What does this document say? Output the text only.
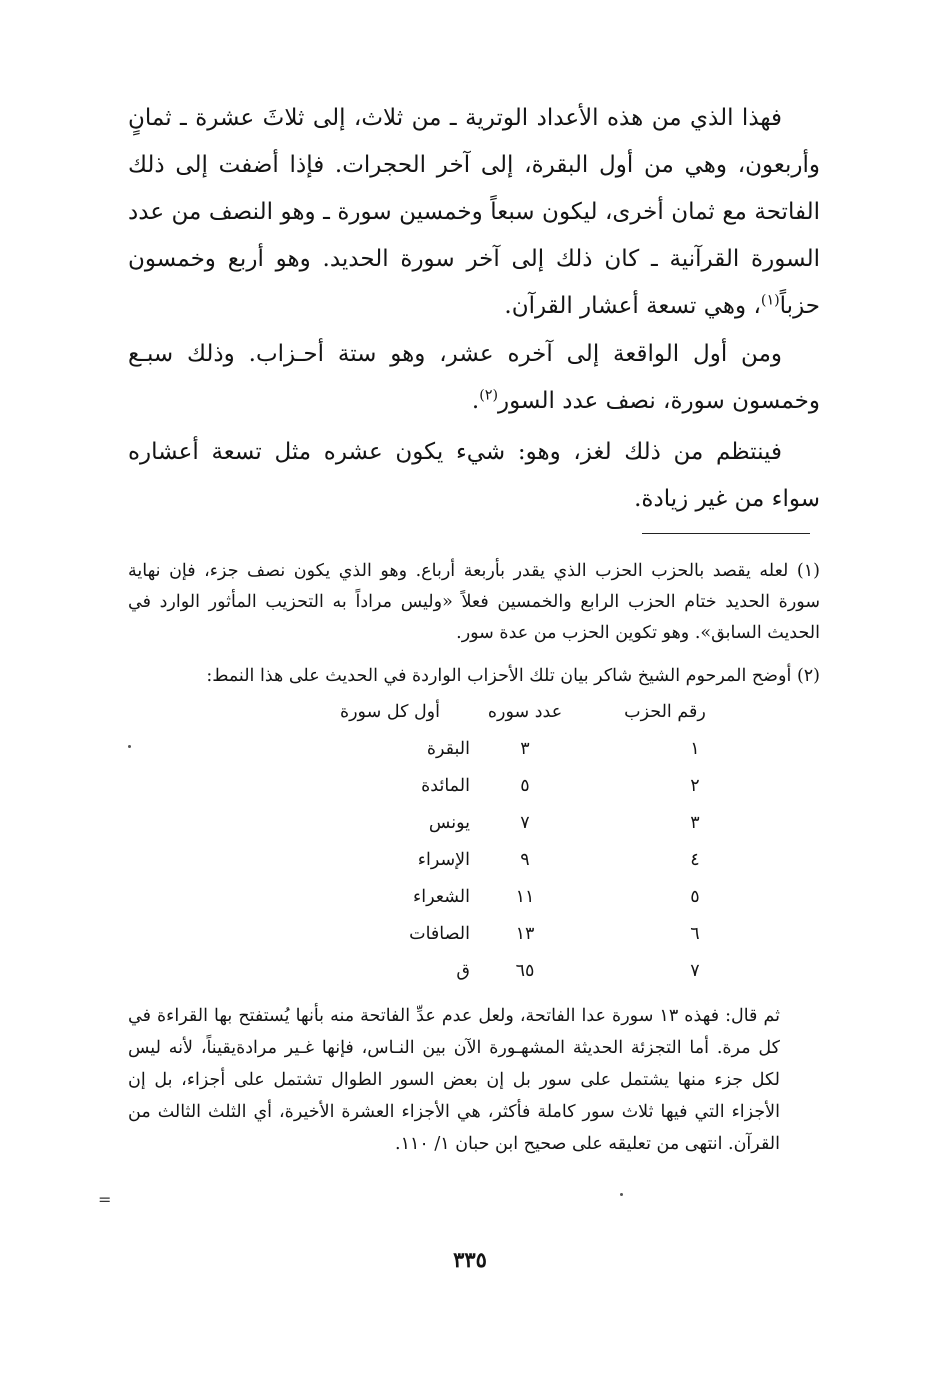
فهذا الذي من هذه الأعداد الوترية ـ من ثلاث، إلى ثلاثَ عشرة ـ ثمانٍ وأربعون، وهي من أول البقرة، إلى آخر الحجرات. فإذا أضفت إلى ذلك الفاتحة مع ثمان أخرى، ليكون سبعاً وخمسين سورة ـ وهو النصف من عدد السورة القرآنية ـ كان ذلك إلى آخر سورة الحديد. وهو أربع وخمسون حزباً$^{(١)}$، وهي تسعة أعشار القرآن.
ومن أول الواقعة إلى آخره عشر، وهو ستة أحـزاب. وذلك سبـع وخمسون سورة، نصف عدد السور$^{(٢)}$.
فينتظم من ذلك لغز، وهو: شيء يكون عشره مثل تسعة أعشاره سواء من غير زيادة.
(١) لعله يقصد بالحزب الحزب الذي يقدر بأربعة أرباع. وهو الذي يكون نصف جزء، فإن نهاية سورة الحديد ختام الحزب الرابع والخمسين فعلاً «وليس مراداً به التحزيب المأثور الوارد في الحديث السابق». وهو تكوين الحزب من عدة سور.
(٢) أوضح المرحوم الشيخ شاكر بيان تلك الأحزاب الواردة في الحديث على هذا النمط:
رقم الحزب
عدد سوره
أول كل سورة
١
٣
البقرة
٢
٥
المائدة
٣
٧
يونس
٤
٩
الإسراء
٥
١١
الشعراء
٦
١٣
الصافات
٧
٦٥
ق
ثم قال: فهذه ١٣ سورة عدا الفاتحة، ولعل عدم عدِّ الفاتحة منه بأنها يُستفتح بها القراءة في كل مرة. أما التجزئة الحديثة المشهـورة الآن بين النـاس، فإنها غـير مرادةيقيناً، لأنه ليس لكل جزء منها يشتمل على سور بل إن بعض السور الطوال تشتمل على أجزاء، بل إن الأجزاء التي فيها ثلاث سور كاملة فأكثر، هي الأجزاء العشرة الأخيرة، أي الثلث الثالث من القرآن. انتهى من تعليقه على صحيح ابن حبان ١/ ١١٠.
=
٣٣٥
